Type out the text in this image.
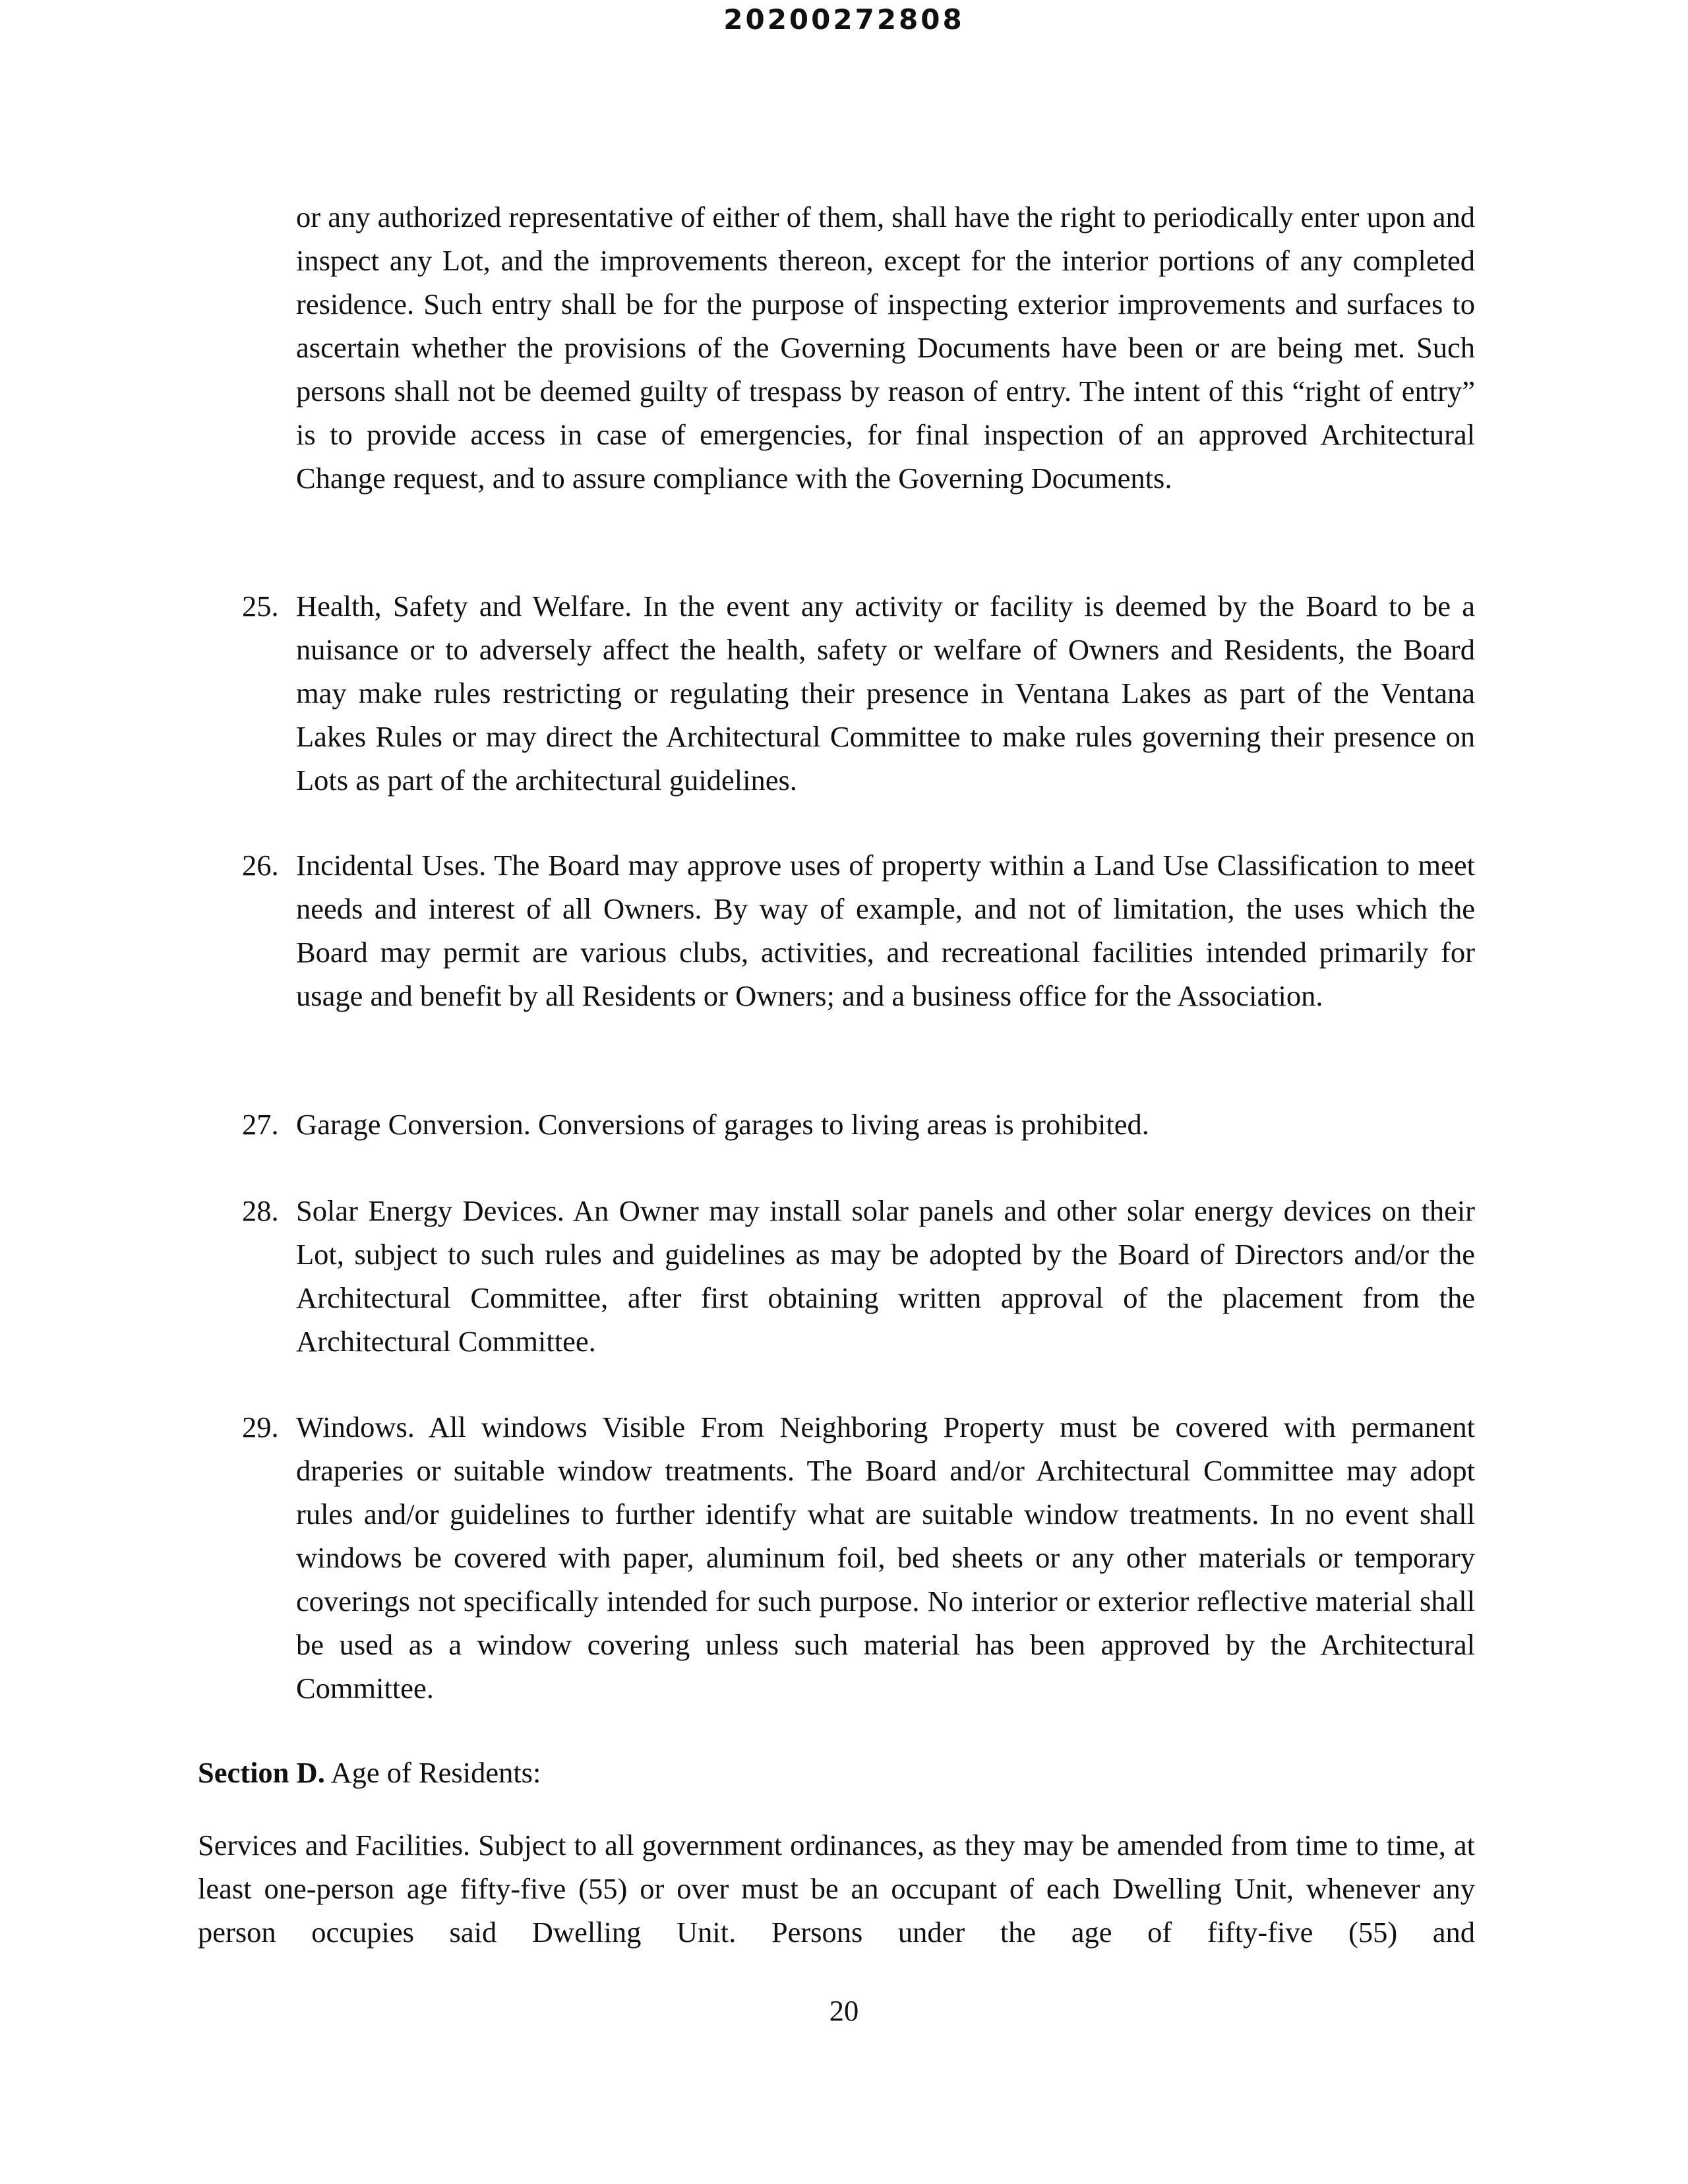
20200272808

or any authorized representative of either of them, shall have the right to periodically enter upon and inspect any Lot, and the improvements thereon, except for the interior portions of any completed residence. Such entry shall be for the purpose of inspecting exterior improvements and surfaces to ascertain whether the provisions of the Governing Documents have been or are being met. Such persons shall not be deemed guilty of trespass by reason of entry. The intent of this “right of entry” is to provide access in case of emergencies, for final inspection of an approved Architectural Change request, and to assure compliance with the Governing Documents.

25. Health, Safety and Welfare. In the event any activity or facility is deemed by the Board to be a nuisance or to adversely affect the health, safety or welfare of Owners and Residents, the Board may make rules restricting or regulating their presence in Ventana Lakes as part of the Ventana Lakes Rules or may direct the Architectural Committee to make rules governing their presence on Lots as part of the architectural guidelines.
26. Incidental Uses. The Board may approve uses of property within a Land Use Classification to meet needs and interest of all Owners. By way of example, and not of limitation, the uses which the Board may permit are various clubs, activities, and recreational facilities intended primarily for usage and benefit by all Residents or Owners; and a business office for the Association.
27. Garage Conversion. Conversions of garages to living areas is prohibited.
28. Solar Energy Devices. An Owner may install solar panels and other solar energy devices on their Lot, subject to such rules and guidelines as may be adopted by the Board of Directors and/or the Architectural Committee, after first obtaining written approval of the placement from the Architectural Committee.
29. Windows. All windows Visible From Neighboring Property must be covered with permanent draperies or suitable window treatments. The Board and/or Architectural Committee may adopt rules and/or guidelines to further identify what are suitable window treatments. In no event shall windows be covered with paper, aluminum foil, bed sheets or any other materials or temporary coverings not specifically intended for such purpose. No interior or exterior reflective material shall be used as a window covering unless such material has been approved by the Architectural Committee.

Section D. Age of Residents:

Services and Facilities. Subject to all government ordinances, as they may be amended from time to time, at least one-person age fifty-five (55) or over must be an occupant of each Dwelling Unit, whenever any person occupies said Dwelling Unit. Persons under the age of fifty-five (55) and

20
